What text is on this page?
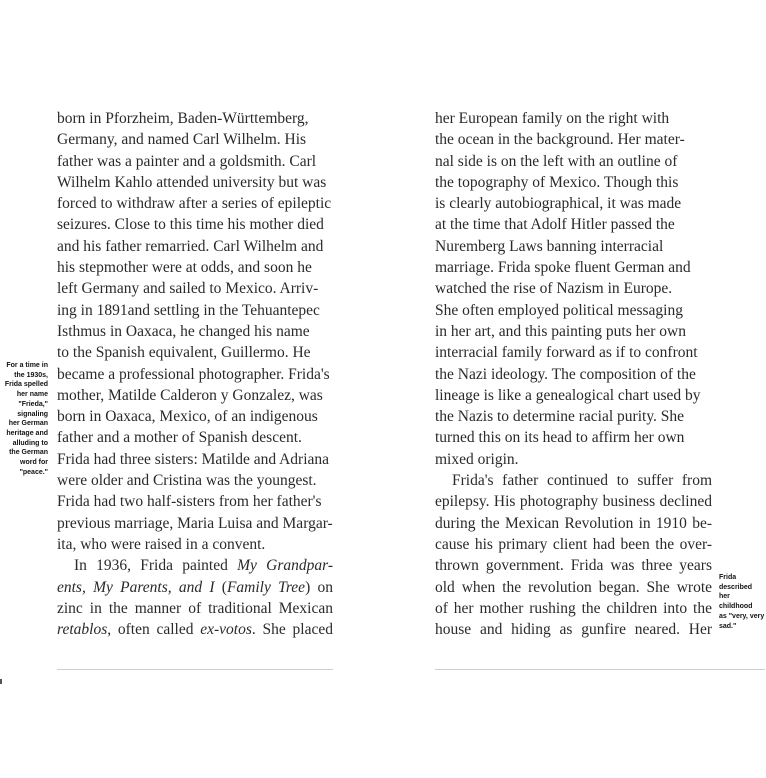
born in Pforzheim, Baden-Württemberg,
Germany, and named Carl Wilhelm. His
father was a painter and a goldsmith. Carl
Wilhelm Kahlo attended university but was
forced to withdraw after a series of epileptic
seizures. Close to this time his mother died
and his father remarried. Carl Wilhelm and
his stepmother were at odds, and soon he
left Germany and sailed to Mexico. Arriv-
ing in 1891and settling in the Tehuantepec
Isthmus in Oaxaca, he changed his name
to the Spanish equivalent, Guillermo. He
became a professional photographer. Frida's
mother, Matilde Calderon y Gonzalez, was
born in Oaxaca, Mexico, of an indigenous
father and a mother of Spanish descent.
Frida had three sisters: Matilde and Adriana
were older and Cristina was the youngest.
Frida had two half-sisters from her father's
previous marriage, Maria Luisa and Margar-
ita, who were raised in a convent.

In 1936, Frida painted My Grandpar-
ents, My Parents, and I (Family Tree) on
zinc in the manner of traditional Mexican
retablos, often called ex-votos. She placed

her European family on the right with
the ocean in the background. Her mater-
nal side is on the left with an outline of
the topography of Mexico. Though this
is clearly autobiographical, it was made
at the time that Adolf Hitler passed the
Nuremberg Laws banning interracial
marriage. Frida spoke fluent German and
watched the rise of Nazism in Europe.
She often employed political messaging
in her art, and this painting puts her own
interracial family forward as if to confront
the Nazi ideology. The composition of the
lineage is like a genealogical chart used by
the Nazis to determine racial purity. She
turned this on its head to affirm her own
mixed origin.

Frida's father continued to suffer from
epilepsy. His photography business declined
during the Mexican Revolution in 1910 be-
cause his primary client had been the over-
thrown government. Frida was three years
old when the revolution began. She wrote
of her mother rushing the children into the
house and hiding as gunfire neared. Her

For a time in
the 1930s,
Frida spelled
her name
"Frieda,"
signaling
her German
heritage and
alluding to
the German
word for
"peace."
Frida
described
her
childhood
as "very, very
sad."
